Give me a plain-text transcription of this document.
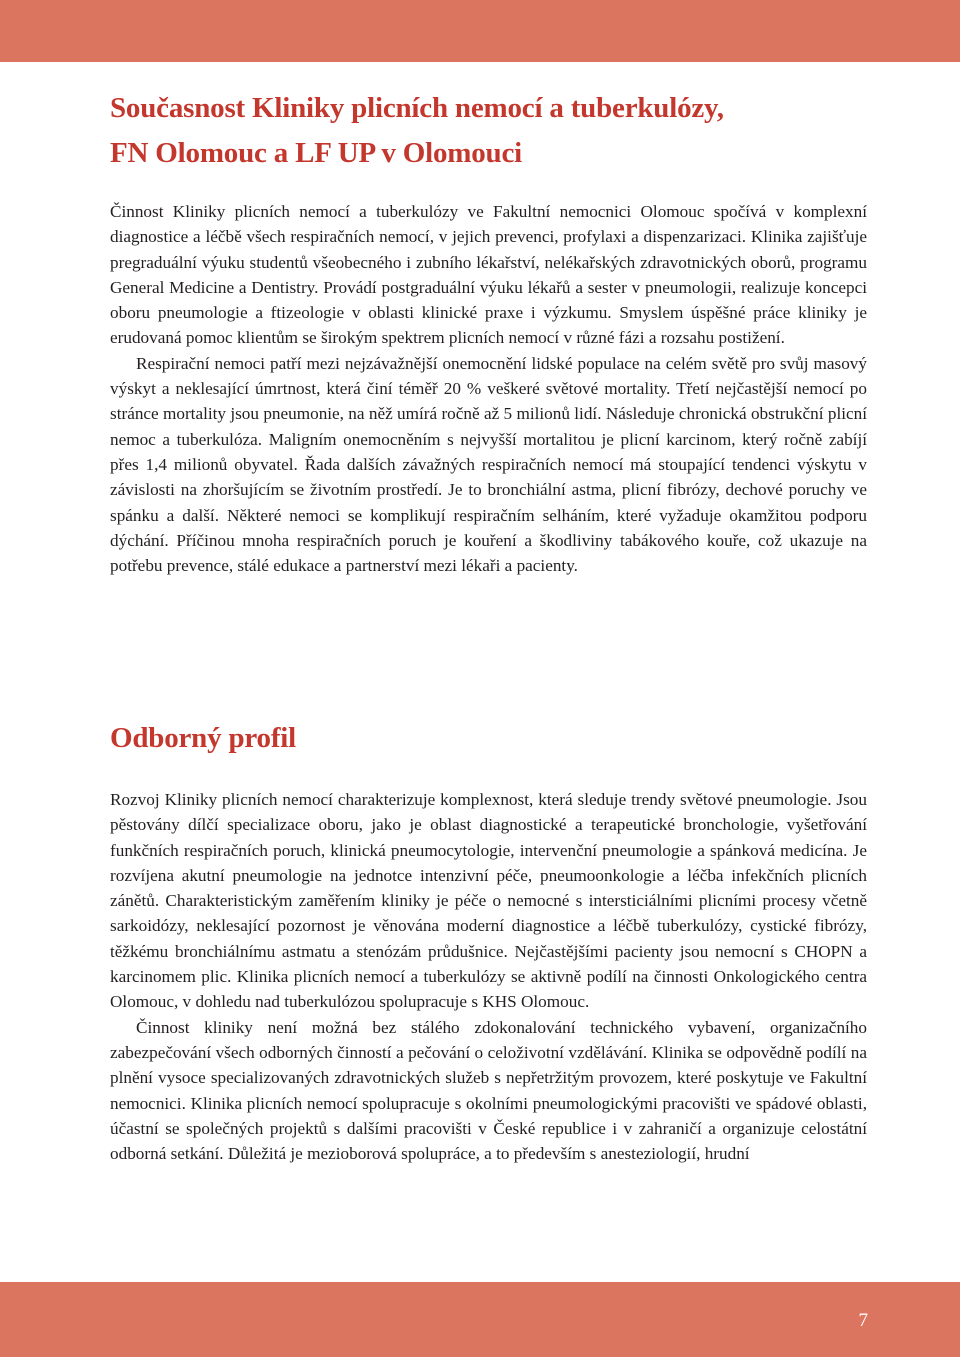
Současnost Kliniky plicních nemocí a tuberkulózy,
FN Olomouc a LF UP v Olomouci

Činnost Kliniky plicních nemocí a tuberkulózy ve Fakultní nemocnici Olomouc spočívá v komplexní diagnostice a léčbě všech respiračních nemocí, v jejich prevenci, profylaxi a dispenzarizaci. Klinika zajišťuje pregraduální výuku studentů všeobecného i zubního lékařství, nelékařských zdravotnických oborů, programu General Medicine a Dentistry. Provádí postgraduální výuku lékařů a sester v pneumologii, realizuje koncepci oboru pneumologie a ftizeologie v oblasti klinické praxe i výzkumu. Smyslem úspěšné práce kliniky je erudovaná pomoc klientům se širokým spektrem plicních nemocí v různé fázi a rozsahu postižení.

Respirační nemoci patří mezi nejzávažnější onemocnění lidské populace na celém světě pro svůj masový výskyt a neklesající úmrtnost, která činí téměř 20 % veškeré světové mortality. Třetí nejčastější nemocí po stránce mortality jsou pneumonie, na něž umírá ročně až 5 milionů lidí. Následuje chronická obstrukční plicní nemoc a tuberkulóza. Maligním onemocněním s nejvyšší mortalitou je plicní karcinom, který ročně zabíjí přes 1,4 milionů obyvatel. Řada dalších závažných respiračních nemocí má stoupající tendenci výskytu v závislosti na zhoršujícím se životním prostředí. Je to bronchiální astma, plicní fibrózy, dechové poruchy ve spánku a další. Některé nemoci se komplikují respiračním selháním, které vyžaduje okamžitou podporu dýchání. Příčinou mnoha respiračních poruch je kouření a škodliviny tabákového kouře, což ukazuje na potřebu prevence, stálé edukace a partnerství mezi lékaři a pacienty.

Odborný profil

Rozvoj Kliniky plicních nemocí charakterizuje komplexnost, která sleduje trendy světové pneumologie. Jsou pěstovány dílčí specializace oboru, jako je oblast diagnostické a terapeutické bronchologie, vyšetřování funkčních respiračních poruch, klinická pneumocytologie, intervenční pneumologie a spánková medicína. Je rozvíjena akutní pneumologie na jednotce intenzivní péče, pneumoonkologie a léčba infekčních plicních zánětů. Charakteristickým zaměřením kliniky je péče o nemocné s intersticiálními plicními procesy včetně sarkoidózy, neklesající pozornost je věnována moderní diagnostice a léčbě tuberkulózy, cystické fibrózy, těžkému bronchiálnímu astmatu a stenózám průdušnice. Nejčastějšími pacienty jsou nemocní s CHOPN a karcinomem plic. Klinika plicních nemocí a tuberkulózy se aktivně podílí na činnosti Onkologického centra Olomouc, v dohledu nad tuberkulózou spolupracuje s KHS Olomouc.

Činnost kliniky není možná bez stálého zdokonalování technického vybavení, organizačního zabezpečování všech odborných činností a pečování o celoživotní vzdělávání. Klinika se odpovědně podílí na plnění vysoce specializovaných zdravotnických služeb s nepřetržitým provozem, které poskytuje ve Fakultní nemocnici. Klinika plicních nemocí spolupracuje s okolními pneumologickými pracovišti ve spádové oblasti, účastní se společných projektů s dalšími pracovišti v České republice i v zahraničí a organizuje celostátní odborná setkání. Důležitá je mezioborová spolupráce, a to především s anesteziologií, hrudní

7
